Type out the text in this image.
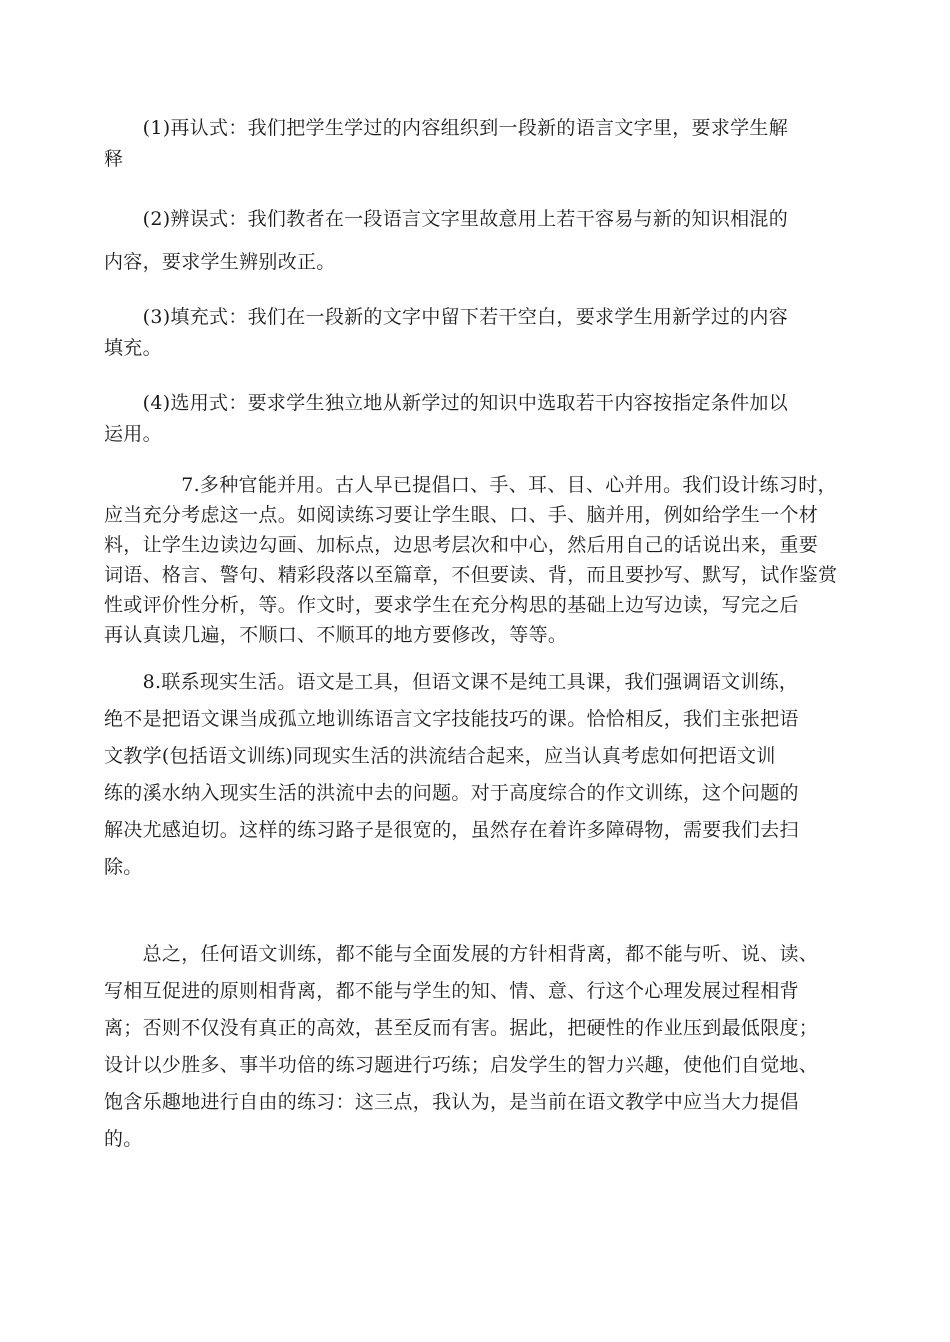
　　(1)再认式：我们把学生学过的内容组织到一段新的语言文字里，要求学生解
释
　　(2)辨误式：我们教者在一段语言文字里故意用上若干容易与新的知识相混的
内容，要求学生辨别改正。
　　(3)填充式：我们在一段新的文字中留下若干空白，要求学生用新学过的内容
填充。
　　(4)选用式：要求学生独立地从新学过的知识中选取若干内容按指定条件加以
运用。
　　　　7.多种官能并用。古人早已提倡口、手、耳、目、心并用。我们设计练习时，
应当充分考虑这一点。如阅读练习要让学生眼、口、手、脑并用，例如给学生一个材
料，让学生边读边勾画、加标点，边思考层次和中心，然后用自己的话说出来，重要
词语、格言、警句、精彩段落以至篇章，不但要读、背，而且要抄写、默写，试作鉴赏
性或评价性分析，等。作文时，要求学生在充分构思的基础上边写边读，写完之后
再认真读几遍，不顺口、不顺耳的地方要修改，等等。
　　8.联系现实生活。语文是工具，但语文课不是纯工具课，我们强调语文训练，
绝不是把语文课当成孤立地训练语言文字技能技巧的课。恰恰相反，我们主张把语
文教学(包括语文训练)同现实生活的洪流结合起来，应当认真考虑如何把语文训
练的溪水纳入现实生活的洪流中去的问题。对于高度综合的作文训练，这个问题的
解决尤感迫切。这样的练习路子是很宽的，虽然存在着许多障碍物，需要我们去扫
除。
　　总之，任何语文训练，都不能与全面发展的方针相背离，都不能与听、说、读、
写相互促进的原则相背离，都不能与学生的知、情、意、行这个心理发展过程相背
离；否则不仅没有真正的高效，甚至反而有害。据此，把硬性的作业压到最低限度；
设计以少胜多、事半功倍的练习题进行巧练；启发学生的智力兴趣，使他们自觉地、
饱含乐趣地进行自由的练习：这三点，我认为，是当前在语文教学中应当大力提倡
的。
